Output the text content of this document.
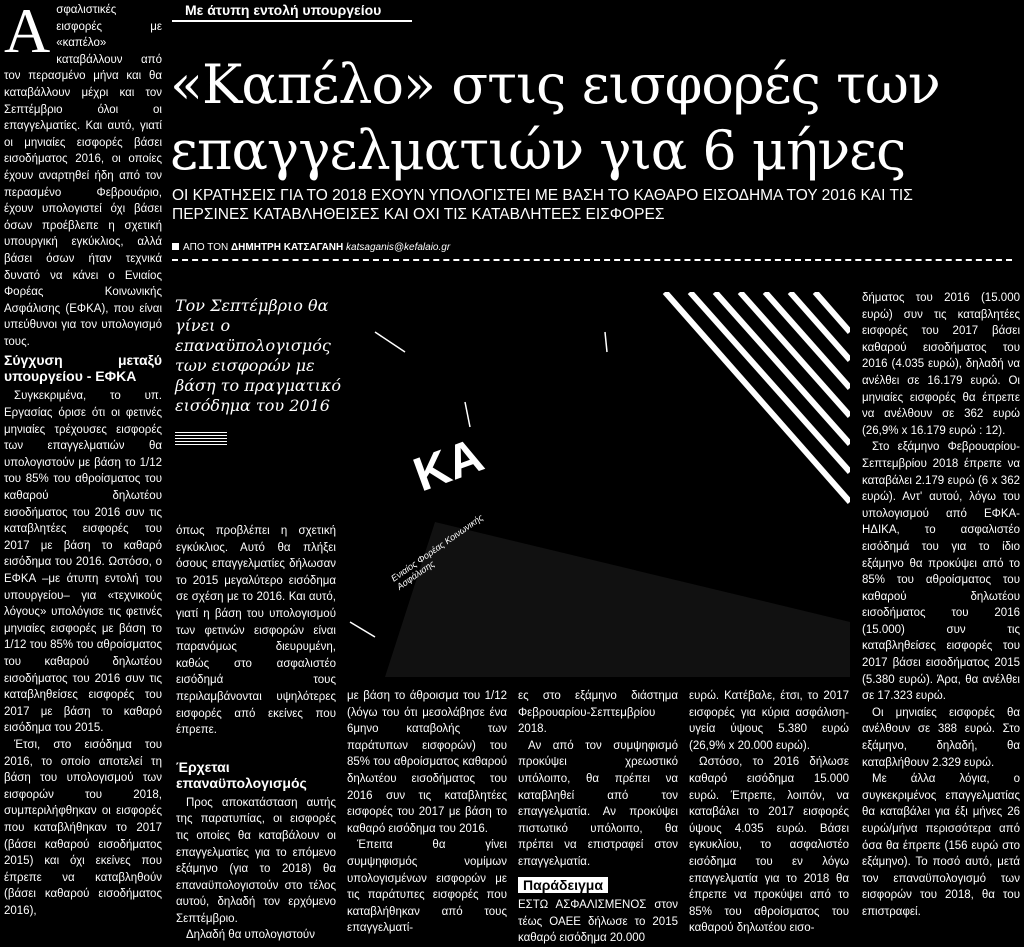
Με άτυπη εντολή υπουργείου
«Καπέλο» στις εισφορές των επαγγελματιών για 6 μήνες
ΟΙ ΚΡΑΤΗΣΕΙΣ ΓΙΑ ΤΟ 2018 ΕΧΟΥΝ ΥΠΟΛΟΓΙΣΤΕΙ ΜΕ ΒΑΣΗ ΤΟ ΚΑΘΑΡΟ ΕΙΣΟΔΗΜΑ ΤΟΥ 2016 ΚΑΙ ΤΙΣ ΠΕΡΣΙΝΕΣ ΚΑΤΑΒΛΗΘΕΙΣΕΣ ΚΑΙ ΟΧΙ ΤΙΣ ΚΑΤΑΒΛΗΤΕΕΣ ΕΙΣΦΟΡΕΣ
ΑΠΟ ΤΟΝ ΔΗΜΗΤΡΗ ΚΑΤΣΑΓΑΝΗ katsaganis@kefalaio.gr
Α σφαλιστικές εισφορές με «καπέλο» καταβάλλουν από τον περασμένο μήνα και θα καταβάλλουν μέχρι και τον Σεπτέμβριο όλοι οι επαγγελματίες. Και αυτό, γιατί οι μηνιαίες εισφορές βάσει εισοδήματος 2016, οι οποίες έχουν αναρτηθεί ήδη από τον περασμένο Φεβρουάριο, έχουν υπολογιστεί όχι βάσει όσων προέβλεπε η σχετική υπουργική εγκύκλιος, αλλά βάσει όσων ήταν τεχνικά δυνατό να κάνει ο Ενιαίος Φορέας Κοινωνικής Ασφάλισης (ΕΦΚΑ), που είναι υπεύθυνοι για τον υπολογισμό τους.

Σύγχυση μεταξύ υπουργείου - ΕΦΚΑ

Συγκεκριμένα, το υπ. Εργασίας όρισε ότι οι φετινές μηνιαίες τρέχουσες εισφορές των επαγγελματιών θα υπολογιστούν με βάση το 1/12 του 85% του αθροίσματος του καθαρού δηλωτέου εισοδήματος του 2016 συν τις καταβλητέες εισφορές του 2017 με βάση το καθαρό εισόδημα του 2016. Ωστόσο, ο ΕΦΚΑ –με άτυπη εντολή του υπουργείου– για «τεχνικούς λόγους» υπολόγισε τις φετινές μηνιαίες εισφορές με βάση το 1/12 του 85% του αθροίσματος του καθαρού δηλωτέου εισοδήματος του 2016 συν τις καταβληθείσες εισφορές του 2017 με βάση το καθαρό εισόδημα του 2015.

Έτσι, στο εισόδημα του 2016, το οποίο αποτελεί τη βάση του υπολογισμού των εισφορών του 2018, συμπεριλήφθηκαν οι εισφορές που καταβλήθηκαν το 2017 (βάσει καθαρού εισοδήματος 2015) και όχι εκείνες που έπρεπε να καταβληθούν (βάσει καθαρού εισοδήματος 2016),

Τον Σεπτέμβριο θα γίνει ο επαναϋπολογισμός των εισφορών με βάση το πραγματικό εισόδημα του 2016
ΚΑ
Ενιαίος Φορέας Κοινωνικής Ασφάλισης

όπως προβλέπει η σχετική εγκύκλιος. Αυτό θα πλήξει όσους επαγγελματίες δήλωσαν το 2015 μεγαλύτερο εισόδημα σε σχέση με το 2016. Και αυτό, γιατί η βάση του υπολογισμού των φετινών εισφορών είναι παρανόμως διευρυμένη, καθώς στο ασφαλιστέο εισόδημά τους περιλαμβάνονται υψηλότερες εισφορές από εκείνες που έπρεπε.

Έρχεται επαναϋπολογισμός

Προς αποκατάσταση αυτής της παρατυπίας, οι εισφορές τις οποίες θα καταβάλουν οι επαγγελματίες για το επόμενο εξάμηνο (για το 2018) θα επαναϋπολογιστούν στο τέλος αυτού, δηλαδή τον ερχόμενο Σεπτέμβριο.

Δηλαδή θα υπολογιστούν

με βάση το άθροισμα του 1/12 (λόγω του ότι μεσολάβησε ένα 6μηνο καταβολής των παράτυπων εισφορών) του 85% του αθροίσματος καθαρού δηλωτέου εισοδήματος του 2016 συν τις καταβλητέες εισφορές του 2017 με βάση το καθαρό εισόδημα του 2016.

Έπειτα θα γίνει συμψηφισμός νομίμων υπολογισμένων εισφορών με τις παράτυπες εισφορές που καταβλήθηκαν από τους επαγγελματί-

ες στο εξάμηνο διάστημα Φεβρουαρίου-Σεπτεμβρίου 2018.

Αν από τον συμψηφισμό προκύψει χρεωστικό υπόλοιπο, θα πρέπει να καταβληθεί από τον επαγγελματία. Αν προκύψει πιστωτικό υπόλοιπο, θα πρέπει να επιστραφεί στον επαγγελματία.

Παράδειγμα

ΕΣΤΩ ΑΣΦΑΛΙΣΜΕΝΟΣ στον τέως ΟΑΕΕ δήλωσε το 2015 καθαρό εισόδημα 20.000

ευρώ. Κατέβαλε, έτσι, το 2017 εισφορές για κύρια ασφάλιση-υγεία ύψους 5.380 ευρώ (26,9% x 20.000 ευρώ).

Ωστόσο, το 2016 δήλωσε καθαρό εισόδημα 15.000 ευρώ. Έπρεπε, λοιπόν, να καταβάλει το 2017 εισφορές ύψους 4.035 ευρώ. Βάσει εγκυκλίου, το ασφαλιστέο εισόδημα του εν λόγω επαγγελματία για το 2018 θα έπρεπε να προκύψει από το 85% του αθροίσματος του καθαρού δηλωτέου εισο-

δήματος του 2016 (15.000 ευρώ) συν τις καταβλητέες εισφορές του 2017 βάσει καθαρού εισοδήματος του 2016 (4.035 ευρώ), δηλαδή να ανέλθει σε 16.179 ευρώ. Οι μηνιαίες εισφορές θα έπρεπε να ανέλθουν σε 362 ευρώ (26,9% x 16.179 ευρώ : 12).

Στο εξάμηνο Φεβρουαρίου-Σεπτεμβρίου 2018 έπρεπε να καταβάλει 2.179 ευρώ (6 x 362 ευρώ). Αντ' αυτού, λόγω του υπολογισμού από ΕΦΚΑ-ΗΔΙΚΑ, το ασφαλιστέο εισόδημά του για το ίδιο εξάμηνο θα προκύψει από το 85% του αθροίσματος του καθαρού δηλωτέου εισοδήματος του 2016 (15.000) συν τις καταβληθείσες εισφορές του 2017 βάσει εισοδήματος 2015 (5.380 ευρώ). Άρα, θα ανέλθει σε 17.323 ευρώ.

Οι μηνιαίες εισφορές θα ανέλθουν σε 388 ευρώ. Στο εξάμηνο, δηλαδή, θα καταβλήθουν 2.329 ευρώ.

Με άλλα λόγια, ο συγκεκριμένος επαγγελματίας θα καταβάλει για έξι μήνες 26 ευρώ/μήνα περισσότερα από όσα θα έπρεπε (156 ευρώ στο εξάμηνο). Το ποσό αυτό, μετά τον επαναϋπολογισμό των εισφορών του 2018, θα του επιστραφεί.
